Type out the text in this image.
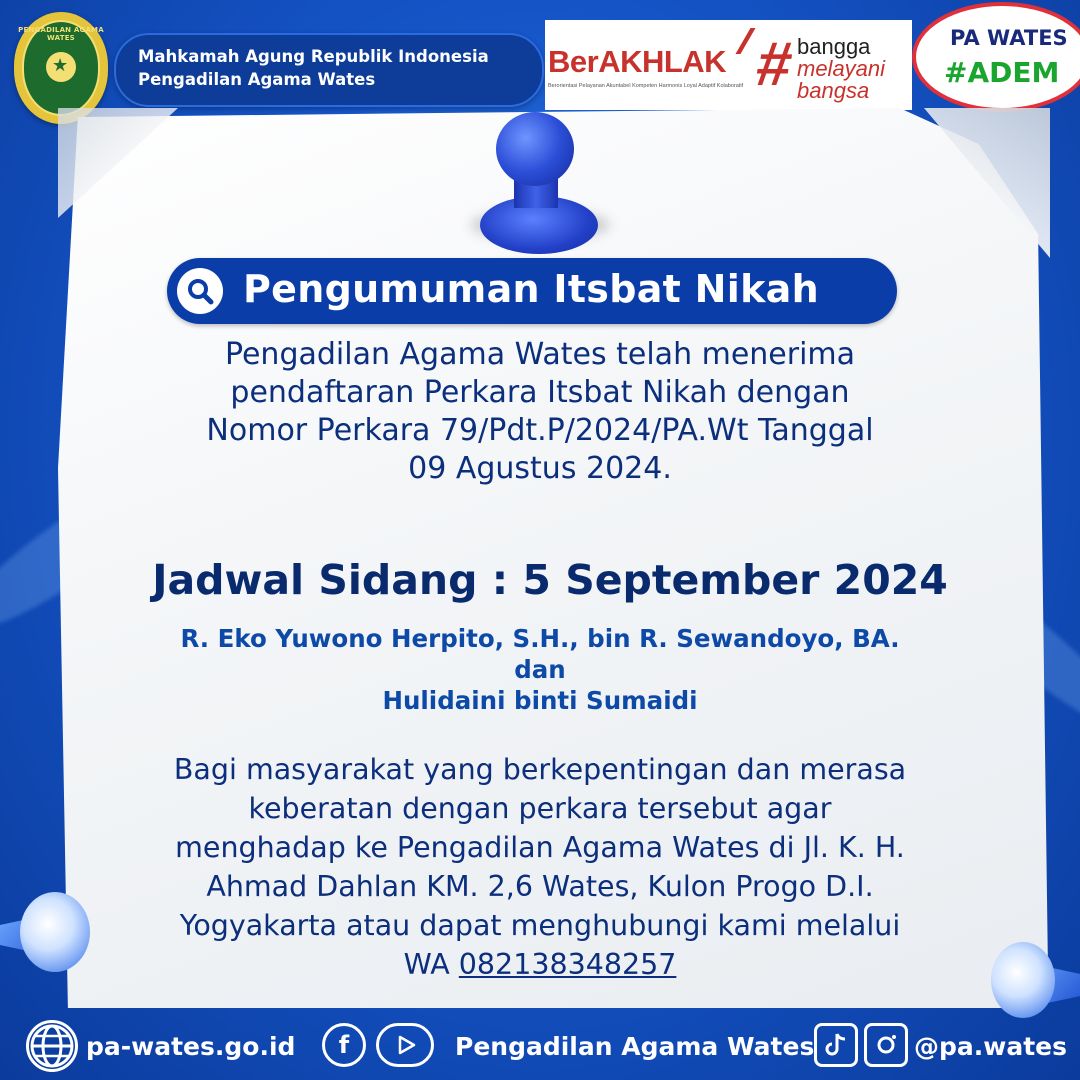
PENGADILAN AGAMA WATES
★	Mahkamah Agung Republik Indonesia
Pengadilan Agama Wates
BerAKHLAK
Berorientasi Pelayanan Akuntabel Kompeten Harmonis Loyal Adaptif Kolaboratif # bangga
melayani
bangsa
PA WATES
#ADEM
Pengumuman Itsbat Nikah
Pengadilan Agama Wates telah menerima
pendaftaran Perkara Itsbat Nikah dengan
Nomor Perkara 79/Pdt.P/2024/PA.Wt Tanggal
09 Agustus 2024.
Jadwal Sidang : 5 September 2024
R. Eko Yuwono Herpito, S.H., bin R. Sewandoyo, BA.
dan
Hulidaini binti Sumaidi
Bagi masyarakat yang berkepentingan dan merasa
keberatan dengan perkara tersebut agar
menghadap ke Pengadilan Agama Wates di Jl. K. H.
Ahmad Dahlan KM. 2,6 Wates, Kulon Progo D.I.
Yogyakarta atau dapat menghubungi kami melalui
WA 082138348257
pa-wates.go.id	f	Pengadilan Agama Wates	@pa.wates
